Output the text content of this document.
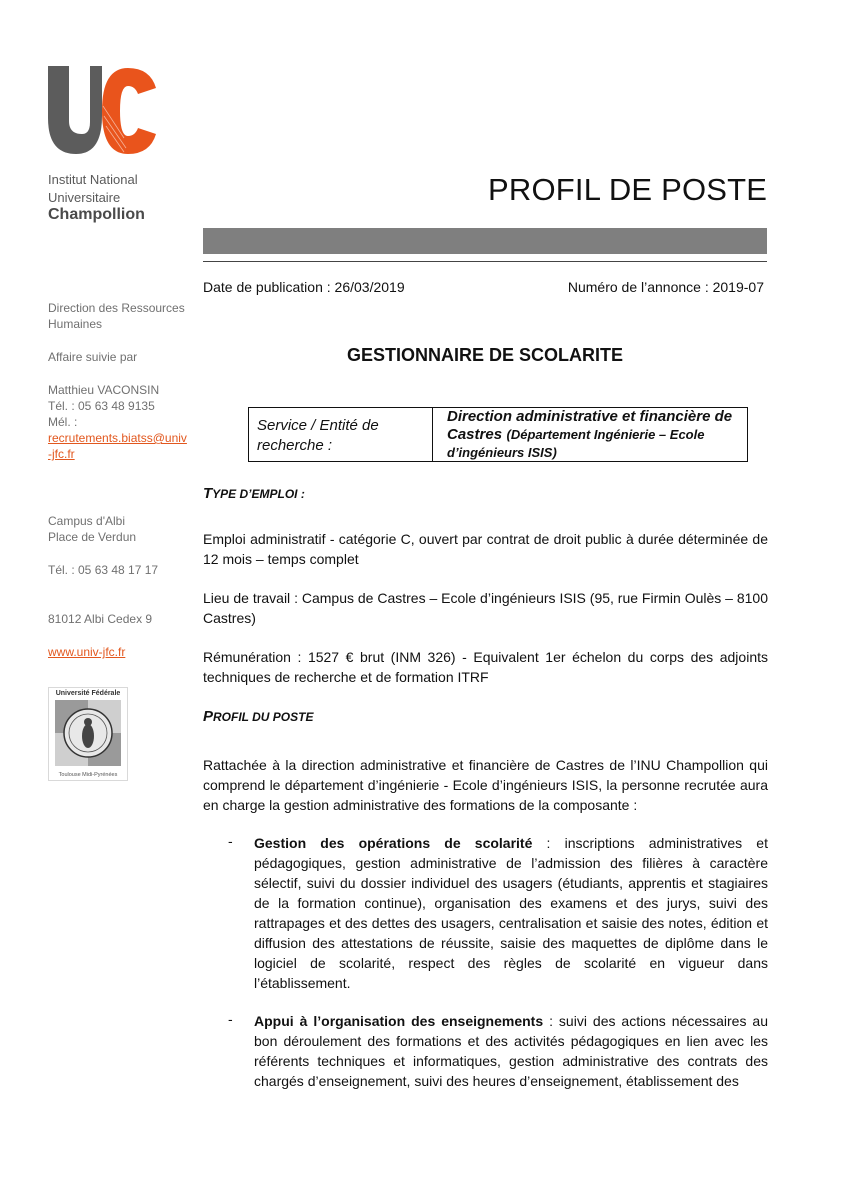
Institut National
Universitaire
Champollion
Direction des Ressources Humaines
Affaire suivie par
Matthieu VACONSIN
Tél. : 05 63 48 9135
Mél. :
recrutements.biatss@univ-jfc.fr
Campus d'Albi
Place de Verdun
Tél. : 05 63 48 17 17
81012 Albi Cedex 9
www.univ-jfc.fr
Université Fédérale
Toulouse Midi-Pyrénées
PROFIL DE POSTE
Date de publication : 26/03/2019	Numéro de l’annonce : 2019-07
GESTIONNAIRE DE SCOLARITE
Service / Entité de recherche :
Direction administrative et financière de Castres (Département Ingénierie – Ecole d’ingénieurs ISIS)
TYPE D’EMPLOI :
Emploi administratif - catégorie C, ouvert par contrat de droit public à durée déterminée de 12 mois – temps complet
Lieu de travail : Campus de Castres – Ecole d’ingénieurs ISIS (95, rue Firmin Oulès – 8100 Castres)
Rémunération : 1527 € brut (INM 326) - Equivalent 1er échelon du corps des adjoints techniques de recherche et de formation ITRF
PROFIL DU POSTE
Rattachée à la direction administrative et financière de Castres de l’INU Champollion qui comprend le département d’ingénierie - Ecole d’ingénieurs ISIS, la personne recrutée aura en charge la gestion administrative des formations de la composante :
- Gestion des opérations de scolarité : inscriptions administratives et pédagogiques, gestion administrative de l’admission des filières à caractère sélectif, suivi du dossier individuel des usagers (étudiants, apprentis et stagiaires de la formation continue), organisation des examens et des jurys, suivi des rattrapages et des dettes des usagers, centralisation et saisie des notes, édition et diffusion des attestations de réussite, saisie des maquettes de diplôme dans le logiciel de scolarité, respect des règles de scolarité en vigueur dans l’établissement.
- Appui à l’organisation des enseignements : suivi des actions nécessaires au bon déroulement des formations et des activités pédagogiques en lien avec les référents techniques et informatiques, gestion administrative des contrats des chargés d’enseignement, suivi des heures d’enseignement, établissement des
